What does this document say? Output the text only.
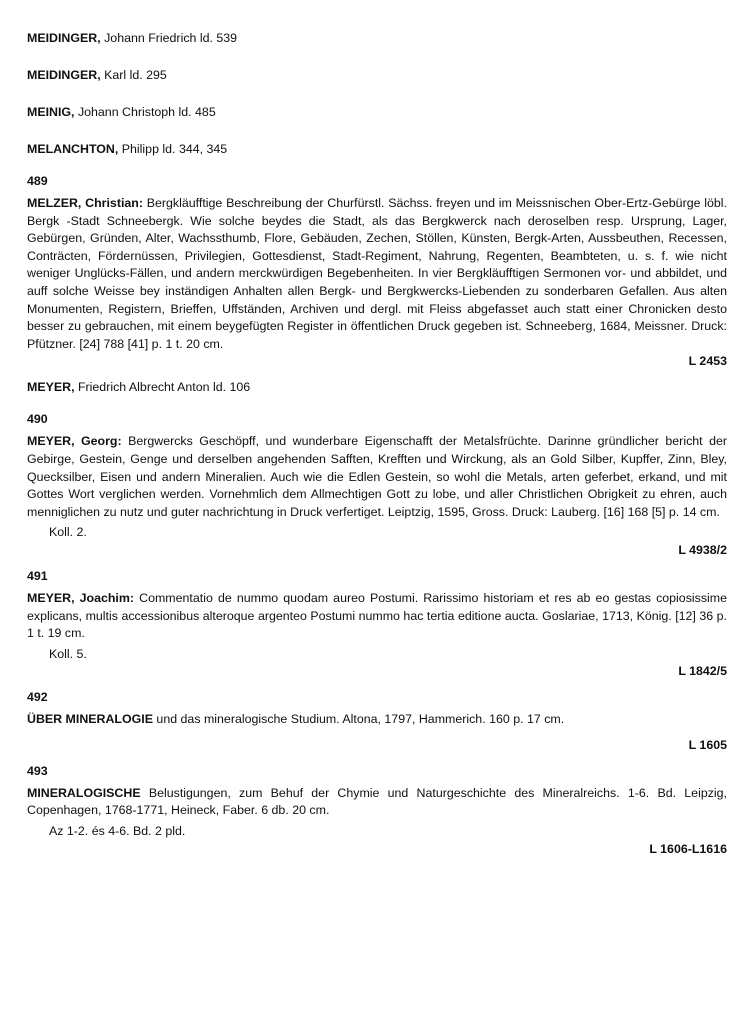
MEIDINGER, Johann Friedrich ld. 539
MEIDINGER, Karl ld. 295
MEINIG, Johann Christoph ld. 485
MELANCHTON, Philipp ld. 344, 345
489
MELZER, Christian: Bergkläufftige Beschreibung der Churfürstl. Sächss. freyen und im Meissnischen Ober-Ertz-Gebürge löbl. Bergk -Stadt Schneebergk. Wie solche beydes die Stadt, als das Bergkwerck nach deroselben resp. Ursprung, Lager, Gebürgen, Gründen, Alter, Wachssthumb, Flore, Gebäuden, Zechen, Stöllen, Künsten, Bergk-Arten, Aussbeuthen, Recessen, Conträcten, Fördernüssen, Privilegien, Gottesdienst, Stadt-Regiment, Nahrung, Regenten, Beambteten, u. s. f. wie nicht weniger Unglücks-Fällen, und andern merckwürdigen Begebenheiten. In vier Bergkläufftigen Sermonen vor- und abbildet, und auff solche Weisse bey inständigen Anhalten allen Bergk- und Bergkwercks-Liebenden zu sonderbaren Gefallen. Aus alten Monumenten, Registern, Brieffen, Uffständen, Archiven und dergl. mit Fleiss abgefasset auch statt einer Chronicken desto besser zu gebrauchen, mit einem beygefügten Register in öffentlichen Druck gegeben ist. Schneeberg, 1684, Meissner. Druck: Pfützner. [24] 788 [41] p. 1 t. 20 cm.
L 2453
MEYER, Friedrich Albrecht Anton ld. 106
490
MEYER, Georg: Bergwercks Geschöpff, und wunderbare Eigenschafft der Metalsfrüchte. Darinne gründlicher bericht der Gebirge, Gestein, Genge und derselben angehenden Safften, Krefften und Wirckung, als an Gold Silber, Kupffer, Zinn, Bley, Quecksilber, Eisen und andern Mineralien. Auch wie die Edlen Gestein, so wohl die Metals, arten geferbet, erkand, und mit Gottes Wort verglichen werden. Vornehmlich dem Allmechtigen Gott zu lobe, und aller Christlichen Obrigkeit zu ehren, auch menniglichen zu nutz und guter nachrichtung in Druck verfertiget. Leiptzig, 1595, Gross. Druck: Lauberg. [16] 168 [5] p. 14 cm.
Koll. 2.
L 4938/2
491
MEYER, Joachim: Commentatio de nummo quodam aureo Postumi. Rarissimo historiam et res ab eo gestas copiosissime explicans, multis accessionibus alteroque argenteo Postumi nummo hac tertia editione aucta. Goslariae, 1713, König. [12] 36 p. 1 t. 19 cm.
Koll. 5.
L 1842/5
492
ÜBER MINERALOGIE und das mineralogische Studium. Altona, 1797, Hammerich. 160 p. 17 cm.
L 1605
493
MINERALOGISCHE Belustigungen, zum Behuf der Chymie und Naturgeschichte des Mineralreichs. 1-6. Bd. Leipzig, Copenhagen, 1768-1771, Heineck, Faber. 6 db. 20 cm.
Az 1-2. és 4-6. Bd. 2 pld.
L 1606-L1616
